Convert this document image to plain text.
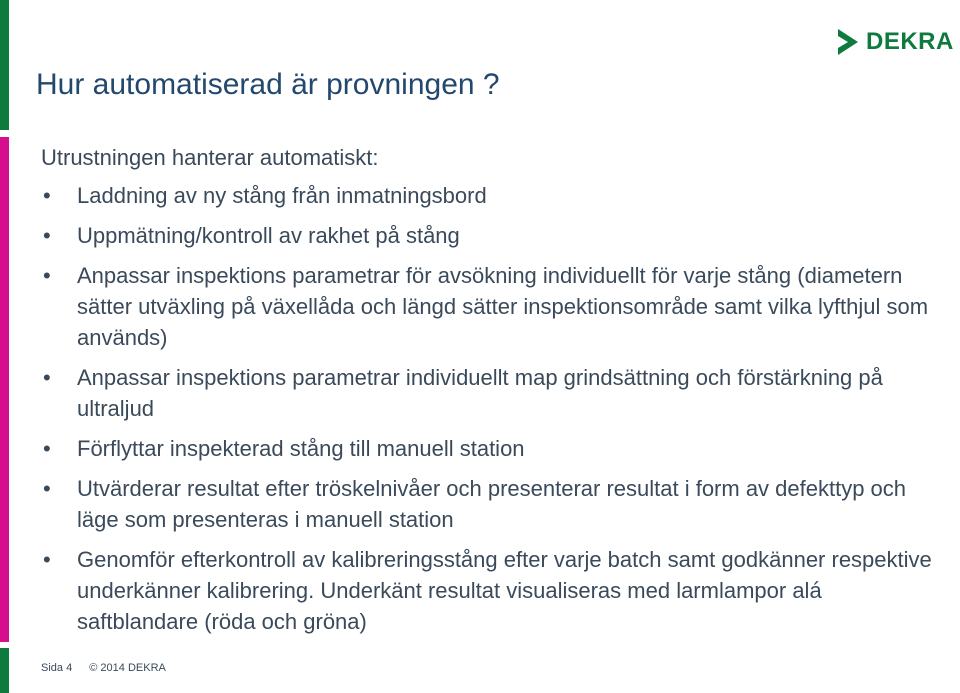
DEKRA
Hur automatiserad är provningen ?

Utrustningen hanterar automatiskt:

• Laddning av ny stång från inmatningsbord
• Uppmätning/kontroll av rakhet på stång
• Anpassar inspektions parametrar för avsökning individuellt för varje stång (diametern sätter utväxling på växellåda och längd sätter inspektionsområde samt vilka lyfthjul som används)
• Anpassar inspektions parametrar individuellt map grindsättning och förstärkning på ultraljud
• Förflyttar inspekterad stång till manuell station
• Utvärderar resultat efter tröskelnivåer och presenterar resultat i form av defekttyp och läge som presenteras i manuell station
• Genomför efterkontroll av kalibreringsstång efter varje batch samt godkänner respektive underkänner kalibrering. Underkänt resultat visualiseras med larmlampor alá saftblandare (röda och gröna)
Sida 4 © 2014 DEKRA
